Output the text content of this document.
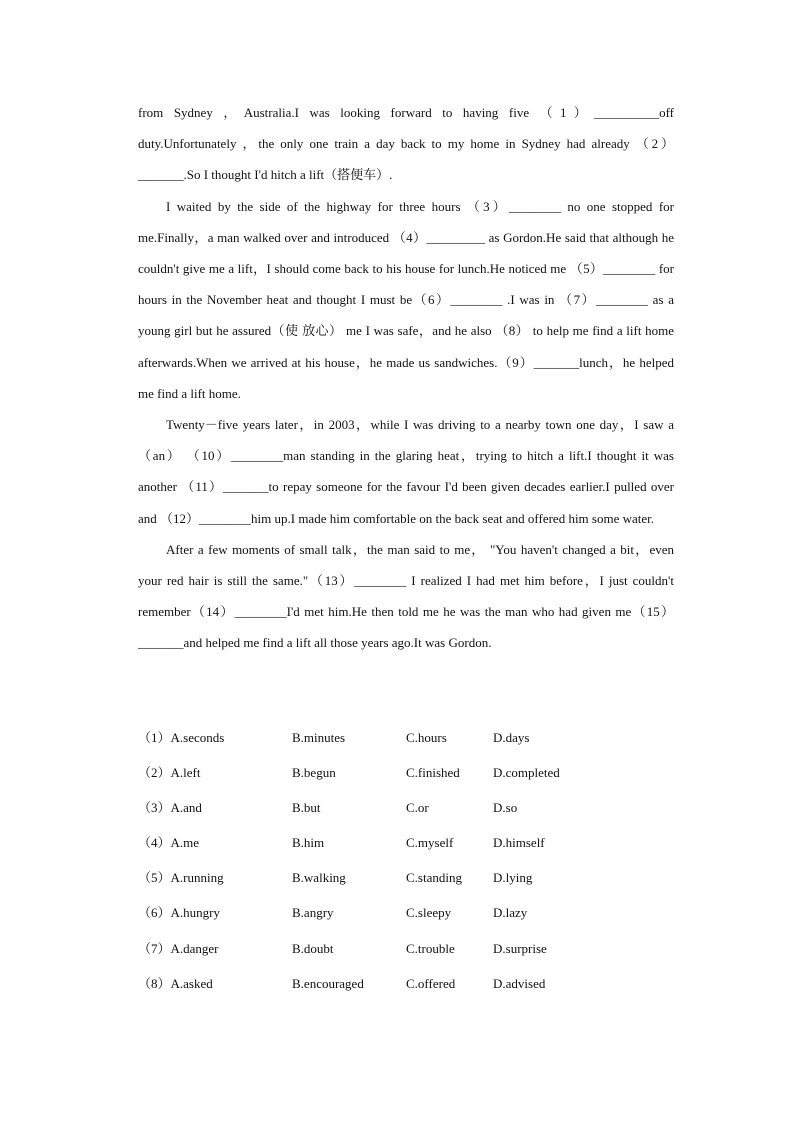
from Sydney ，Australia.I was looking forward to having five （1）__________off duty.Unfortunately ，the only one train a day back to my home in Sydney had already （2）_______.So I thought I'd hitch a lift（搭便车）.

I waited by the side of the highway for three hours （3）________ no one stopped for me.Finally，a man walked over and introduced （4）_________ as Gordon.He said that although he couldn't give me a lift，I should come back to his house for lunch.He noticed me （5）________ for hours in the November heat and thought I must be（6）________ .I was in （7）________ as a young girl but he assured（使 放心） me I was safe，and he also （8） to help me find a lift home afterwards.When we arrived at his house，he made us sandwiches.（9）_______lunch，he helped me find a lift home.

Twenty－five years later，in 2003，while I was driving to a nearby town one day，I saw a （an） （10）________man standing in the glaring heat，trying to hitch a lift.I thought it was another （11）_______to repay someone for the favour I'd been given decades earlier.I pulled over and （12）________him up.I made him comfortable on the back seat and offered him some water.

After a few moments of small talk，the man said to me， "You haven't changed a bit，even your red hair is still the same."（13）________ I realized I had met him before，I just couldn't remember（14）________I'd met him.He then told me he was the man who had given me（15）_______and helped me find a lift all those years ago.It was Gordon.

（1）A.seconds	B.minutes	C.hours	D.days
（2）A.left	B.begun	C.finished	D.completed
（3）A.and	B.but	C.or	D.so
（4）A.me	B.him	C.myself	D.himself
（5）A.running	B.walking	C.standing D.lying
（6）A.hungry	B.angry	C.sleepy	D.lazy
（7）A.danger	B.doubt	C.trouble	D.surprise
（8）A.asked	B.encouraged	C.offered	D.advised
